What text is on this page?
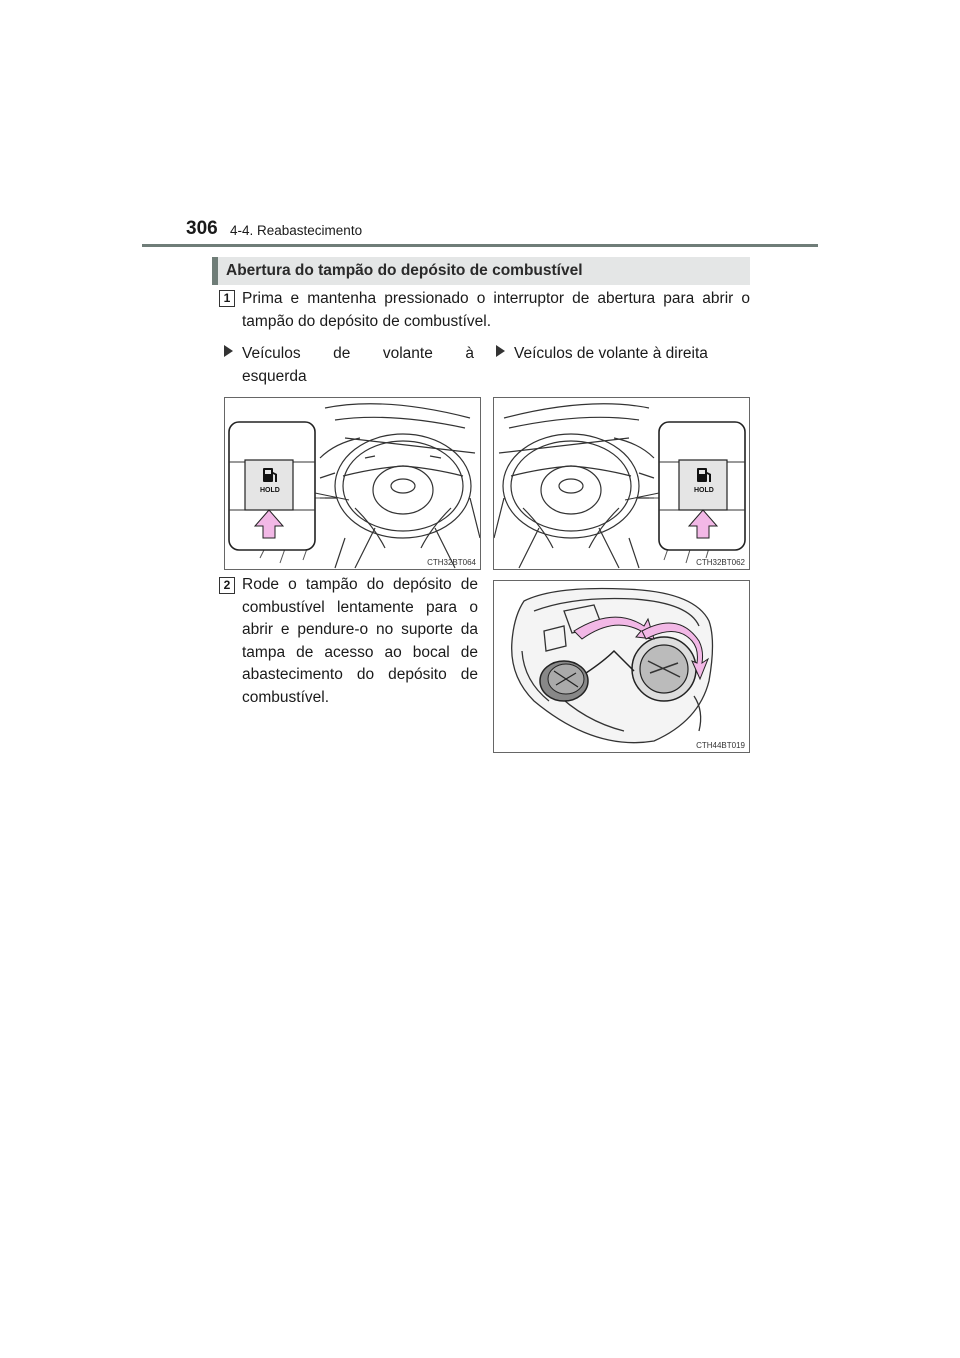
306 4-4. Reabastecimento
Abertura do tampão do depósito de combustível
1 Prima e mantenha pressionado o interruptor de abertura para abrir o tampão do depósito de combustível.
Veículos de volante à
esquerda
Veículos de volante à direita
HOLD
CTH32BT064
HOLD
CTH32BT062
2 Rode o tampão do depósito de combustível lentamente para o abrir e pendure-o no suporte da tampa de acesso ao bocal de abastecimento do depósito de combustível.
CTH44BT019
